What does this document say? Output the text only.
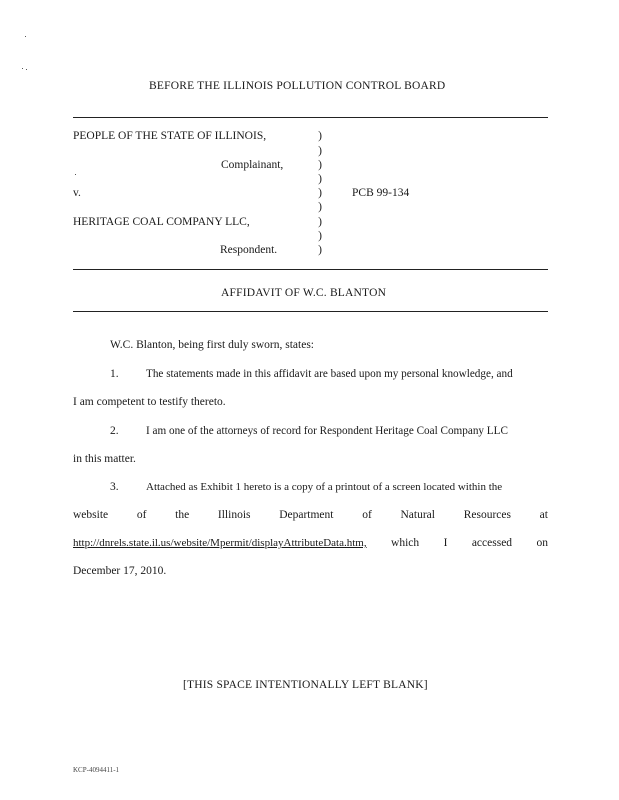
BEFORE THE ILLINOIS POLLUTION CONTROL BOARD
PEOPLE OF THE STATE OF ILLINOIS,
Complainant,
v.	PCB 99-134
HERITAGE COAL COMPANY LLC,
Respondent.
)
)
)
)
)
)
)
)
)
AFFIDAVIT OF W.C. BLANTON
W.C. Blanton, being first duly sworn, states:
1. The statements made in this affidavit are based upon my personal knowledge, and
I am competent to testify thereto.
2. I am one of the attorneys of record for Respondent Heritage Coal Company LLC
in this matter.
3. Attached as Exhibit 1 hereto is a copy of a printout of a screen located within the
website of the Illinois Department of Natural Resources at
http://dnrels.state.il.us/website/Mpermit/displayAttributeData.htm, which I accessed on
December 17, 2010.
[THIS SPACE INTENTIONALLY LEFT BLANK]
KCP-4094411-1
